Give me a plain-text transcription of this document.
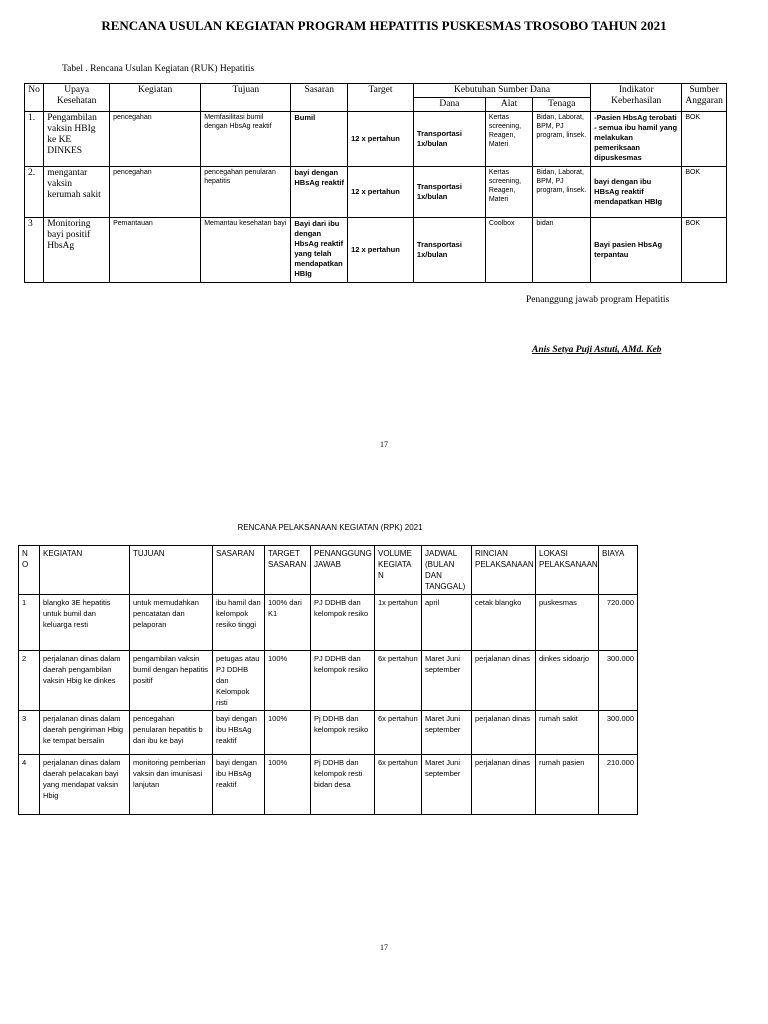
RENCANA USULAN KEGIATAN PROGRAM HEPATITIS PUSKESMAS TROSOBO TAHUN 2021
Tabel . Rencana Usulan Kegiatan (RUK) Hepatitis
No	Upaya Kesehatan	Kegiatan	Tujuan	Sasaran	Target	Kebutuhan Sumber Dana			Indikator Keberhasilan	Sumber Anggaran
						Dana	Alat	Tenaga		
1.	Pengambilan vaksin HBIg ke KE DINKES	pencegahan	Memfasilitasi bumil dengan HbsAg reaktif	Bumil	12 x pertahun	Transportasi 1x/bulan	Kertas screening, Reagen, Materi	Bidan, Laborat, BPM, PJ program, linsek.	-Pasien HbsAg terobati - semua ibu hamil yang melakukan pemeriksaan dipuskesmas	BOK
2.	mengantar vaksin kerumah sakit	pencegahan	pencegahan penularan hepatitis	bayi dengan HBsAg reaktif	12 x pertahun	Transportasi 1x/bulan	Kertas screening, Reagen, Materi	Bidan, Laborat, BPM, PJ program, linsek.	bayi dengan ibu HBsAg reaktif mendapatkan HBIg	BOK
3	Monitoring bayi positif HbsAg	Pemantauan	Memantau kesehatan bayi	Bayi dari ibu dengan HbsAg reaktif yang telah mendapatkan HBIg	12 x pertahun	Transportasi 1x/bulan	Coolbox	bidan	Bayi pasien HbsAg terpantau	BOK
Penanggung jawab program Hepatitis
Anis Setya Puji Astuti, AMd. Keb
17
RENCANA PELAKSANAAN KEGIATAN (RPK) 2021
N O	KEGIATAN	TUJUAN	SASARAN	TARGET SASARAN	PENANGGUNG JAWAB	VOLUME KEGIATA N	JADWAL (BULAN DAN TANGGAL)	RINCIAN PELAKSANAAN	LOKASI PELAKSANAAN	BIAYA
1	blangko 3E hepatitis untuk bumil dan keluarga resti	untuk memudahkan pencatatan dan pelaporan	ibu hamil dan kelompok resiko tinggi	100% dari K1	PJ DDHB dan kelompok resiko	1x pertahun	april	cetak blangko	puskesmas	720.000
2	perjalanan dinas dalam daerah pengambilan vaksin Hbig ke dinkes	pengambilan vaksin bumil dengan hepatitis positif	petugas atau PJ DDHB dan Kelompok risti	100%	PJ DDHB dan kelompok resiko	6x pertahun	Maret Juni september	perjalanan dinas	dinkes sidoarjo	300.000
3	perjalanan dinas dalam daerah pengiriman Hbig ke tempat bersalin	pencegahan penularan hepatitis b dari ibu ke bayi	bayi dengan ibu HBsAg reaktif	100%	Pj DDHB dan kelompok resiko	6x pertahun	Maret Juni september	perjalanan dinas	rumah sakit	300.000
4	perjalanan dinas dalam daerah pelacakan bayi yang mendapat vaksin Hbig	monitoring pemberian vaksin dan imunisasi lanjutan	bayi dengan ibu HBsAg reaktif	100%	Pj DDHB dan kelompok resti bidan desa	6x pertahun	Maret Juni september	perjalanan dinas	rumah pasien	210.000
17
